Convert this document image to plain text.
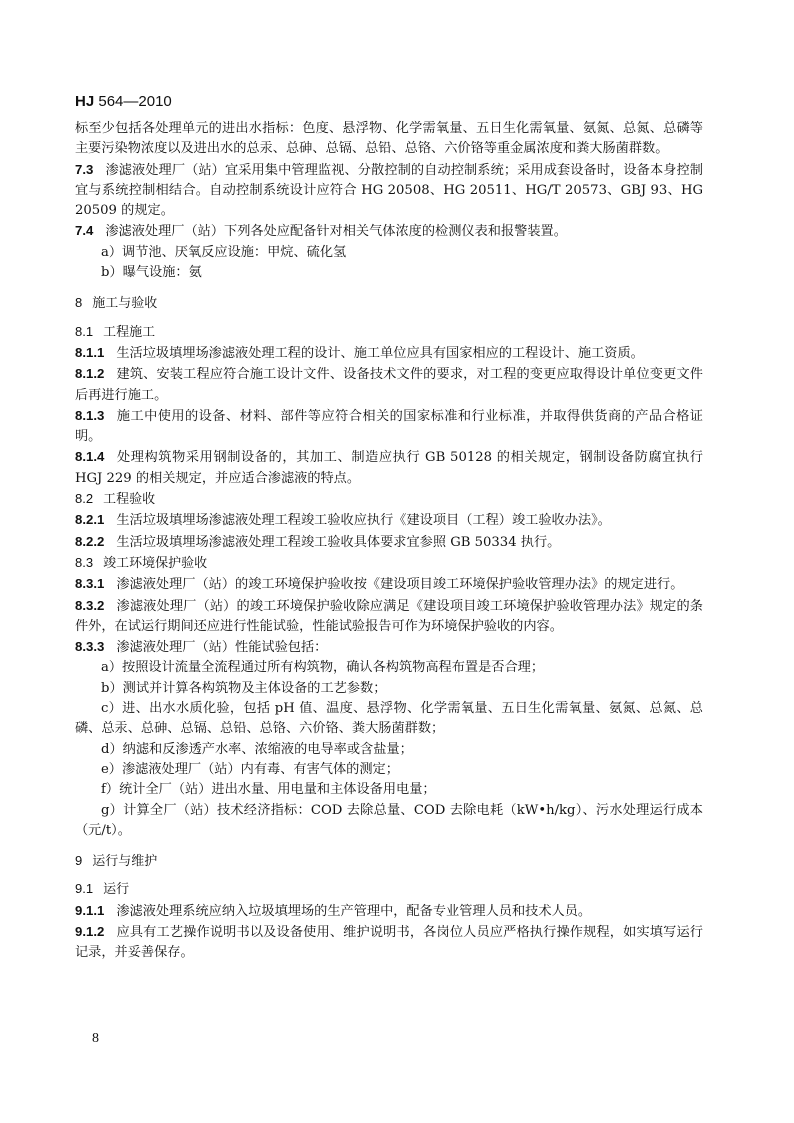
HJ 564—2010

标至少包括各处理单元的进出水指标：色度、悬浮物、化学需氧量、五日生化需氧量、氨氮、总氮、总磷等主要污染物浓度以及进出水的总汞、总砷、总镉、总铅、总铬、六价铬等重金属浓度和粪大肠菌群数。

7.3 渗滤液处理厂（站）宜采用集中管理监视、分散控制的自动控制系统；采用成套设备时，设备本身控制宜与系统控制相结合。自动控制系统设计应符合 HG 20508、HG 20511、HG/T 20573、GBJ 93、HG 20509 的规定。

7.4 渗滤液处理厂（站）下列各处应配备针对相关气体浓度的检测仪表和报警装置。

a）调节池、厌氧反应设施：甲烷、硫化氢

b）曝气设施：氨

8 施工与验收

8.1 工程施工

8.1.1 生活垃圾填埋场渗滤液处理工程的设计、施工单位应具有国家相应的工程设计、施工资质。

8.1.2 建筑、安装工程应符合施工设计文件、设备技术文件的要求，对工程的变更应取得设计单位变更文件后再进行施工。

8.1.3 施工中使用的设备、材料、部件等应符合相关的国家标准和行业标准，并取得供货商的产品合格证明。

8.1.4 处理构筑物采用钢制设备的，其加工、制造应执行 GB 50128 的相关规定，钢制设备防腐宜执行 HGJ 229 的相关规定，并应适合渗滤液的特点。

8.2 工程验收

8.2.1 生活垃圾填埋场渗滤液处理工程竣工验收应执行《建设项目（工程）竣工验收办法》。

8.2.2 生活垃圾填埋场渗滤液处理工程竣工验收具体要求宜参照 GB 50334 执行。

8.3 竣工环境保护验收

8.3.1 渗滤液处理厂（站）的竣工环境保护验收按《建设项目竣工环境保护验收管理办法》的规定进行。

8.3.2 渗滤液处理厂（站）的竣工环境保护验收除应满足《建设项目竣工环境保护验收管理办法》规定的条件外，在试运行期间还应进行性能试验，性能试验报告可作为环境保护验收的内容。

8.3.3 渗滤液处理厂（站）性能试验包括：

a）按照设计流量全流程通过所有构筑物，确认各构筑物高程布置是否合理；

b）测试并计算各构筑物及主体设备的工艺参数；

c）进、出水水质化验，包括 pH 值、温度、悬浮物、化学需氧量、五日生化需氧量、氨氮、总氮、总磷、总汞、总砷、总镉、总铅、总铬、六价铬、粪大肠菌群数；

d）纳滤和反渗透产水率、浓缩液的电导率或含盐量；

e）渗滤液处理厂（站）内有毒、有害气体的测定；

f）统计全厂（站）进出水量、用电量和主体设备用电量；

g）计算全厂（站）技术经济指标：COD 去除总量、COD 去除电耗（kW•h/kg）、污水处理运行成本（元/t）。

9 运行与维护

9.1 运行

9.1.1 渗滤液处理系统应纳入垃圾填埋场的生产管理中，配备专业管理人员和技术人员。

9.1.2 应具有工艺操作说明书以及设备使用、维护说明书，各岗位人员应严格执行操作规程，如实填写运行记录，并妥善保存。

8
